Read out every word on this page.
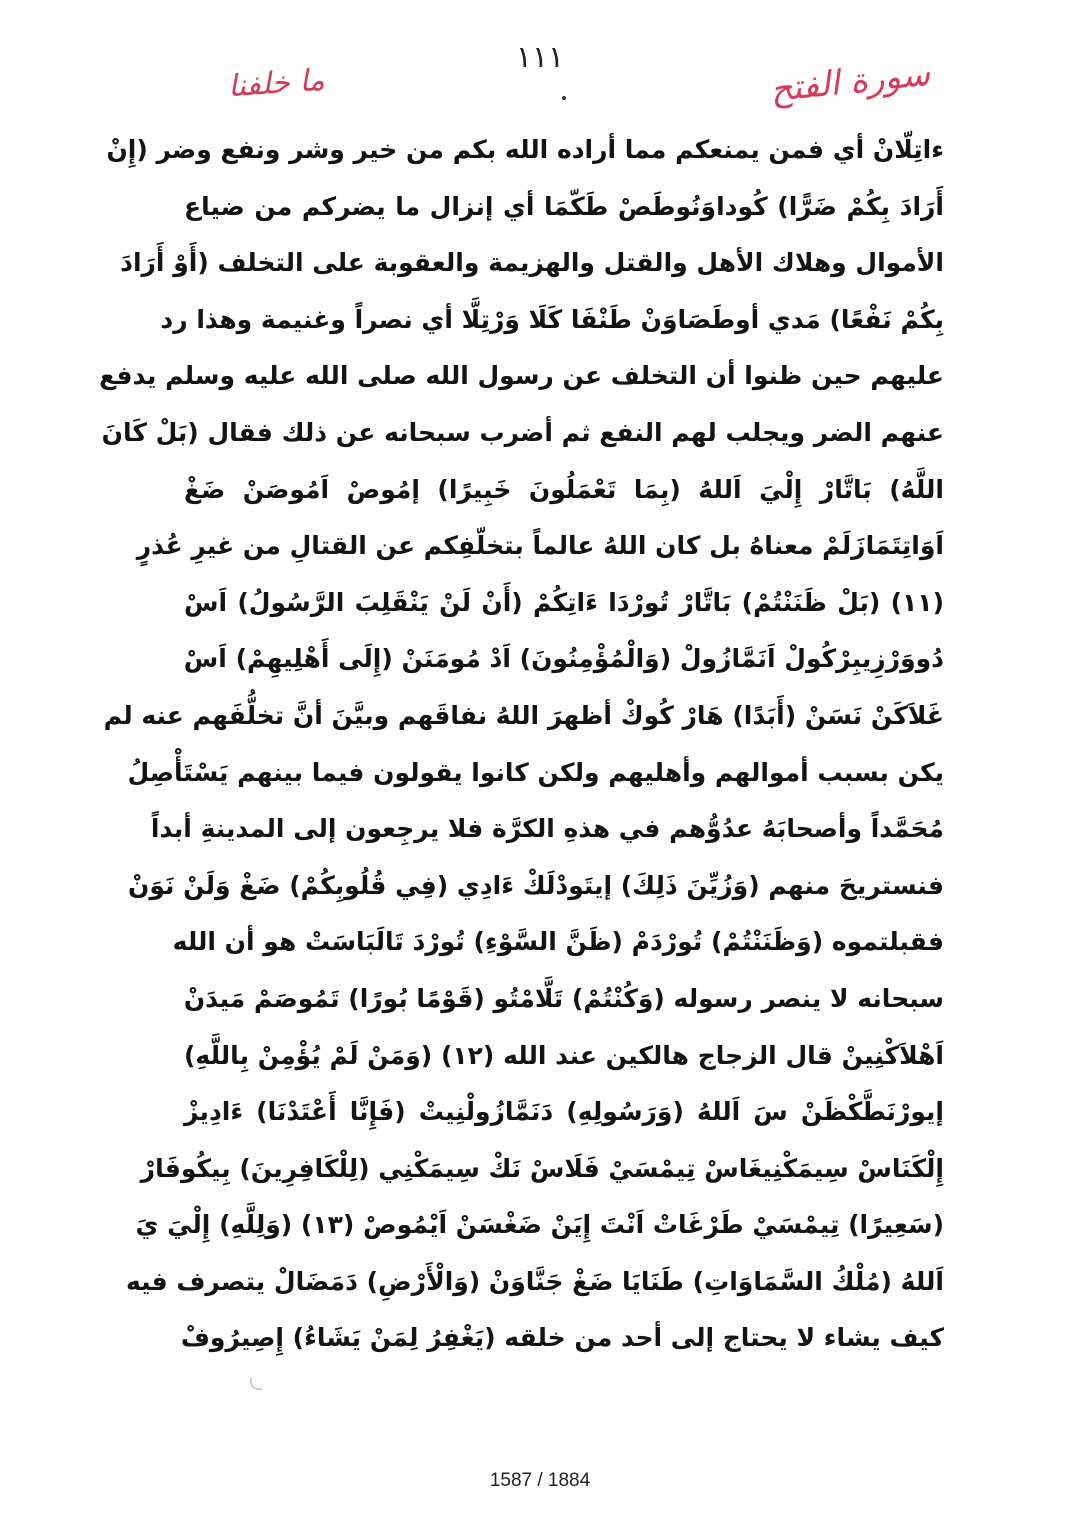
١١١	سورة الفتح
ما خلفنا
ءاتِلّانْ أي فمن يمنعكم مما أراده الله بكم من خير وشر ونفع وضر (إِنْ
أَرَادَ بِكُمْ ضَرًّا) كُوداوَنُوطَصْ طَكّمَا أي إنزال ما يضركم من ضياع
الأموال وهلاك الأهل والقتل والهزيمة والعقوبة على التخلف (أَوْ أَرَادَ
بِكُمْ نَفْعًا) مَدي أوطَصَاوَنْ طَنْفَا كَلَا وَرْتِلَّا أي نصراً وغنيمة وهذا رد
عليهم حين ظنوا أن التخلف عن رسول الله صلى الله عليه وسلم يدفع
عنهم الضر ويجلب لهم النفع ثم أضرب سبحانه عن ذلك فقال (بَلْ كَانَ
اللَّهُ) بَاتَّارْ إِلْيَ اَللهُ (بِمَا تَعْمَلُونَ خَبِيرًا) إمُوصْ اَمُوصَنْ ضَغْ
اَوَاتِتَمَازَلَمْ معناهُ بل كان اللهُ عالماً بتخلّفِكم عن القتالِ من غيرِ عُذرٍ
(١١) (بَلْ ظَنَنْتُمْ) بَاتَّارْ تُورْدَا ءَاتِكُمْ (أَنْ لَنْ يَنْقَلِبَ الرَّسُولُ) اَسْ
دُووَرْزِيبِرْكُولْ اَنَمَّازُولْ (وَالْمُؤْمِنُونَ) اَدْ مُومَنَنْ (إِلَى أَهْلِيهِمْ) اَسْ
غَلاَكَنْ نَسَنْ (أَبَدًا) هَارْ كُوكْ أظهرَ اللهُ نفاقَهم وبيَّنَ أنَّ تخلُّفَهم عنه لم
يكن بسبب أموالهم وأهليهم ولكن كانوا يقولون فيما بينهم يَسْتَأْصِلُ
مُحَمَّداً وأصحابَهُ عدُوُّهم في هذهِ الكرَّة فلا يرجِعون إلى المدينةِ أبداً
فنستريحَ منهم (وَزُيِّنَ ذَلِكَ) إيتَودْلَكْ ءَادِي (فِي قُلُوبِكُمْ) ضَغْ وَلَنْ نَوَنْ
فقبلتموه (وَظَنَنْتُمْ) تُورْدَمْ (ظَنَّ السَّوْءِ) تُورْدَ تَالَبَاسَتْ هو أن الله
سبحانه لا ينصر رسوله (وَكُنْتُمْ) تَلَّامْتُو (قَوْمًا بُورًا) تَمُوصَمْ مَيدَنْ
اَهْلاَكْنِينْ قال الزجاج هالكين عند الله (١٢) (وَمَنْ لَمْ يُؤْمِنْ بِاللَّهِ)
إيورْنَطَّكْظَنْ سَ اَللهُ (وَرَسُولِهِ) دَنَمَّازُولْنِيتْ (فَإِنَّا أَعْتَدْنَا) ءَادِيزْ
إِلْكَنَاسْ سِيمَكْنِيغَاسْ تِيمْسَيْ فَلَاسْ نَكْ سِيمَكْنِي (لِلْكَافِرِينَ) بِيكُوفَارْ
(سَعِيرًا) تِيمْسَيْ طَرْغَاتْ اَنْتَ إِيَنْ ضَغْسَنْ اَيْمُوصْ (١٣) (وَلِلَّهِ) إِلْيَ يَ
اَللهُ (مُلْكُ السَّمَاوَاتِ) طَنَايَا ضَغْ جَنَّاوَنْ (وَالْأَرْضِ) دَمَضَالْ يتصرف فيه
كيف يشاء لا يحتاج إلى أحد من خلقه (يَغْفِرُ لِمَنْ يَشَاءُ) إِصِيرُوفْ
1587 / 1884
